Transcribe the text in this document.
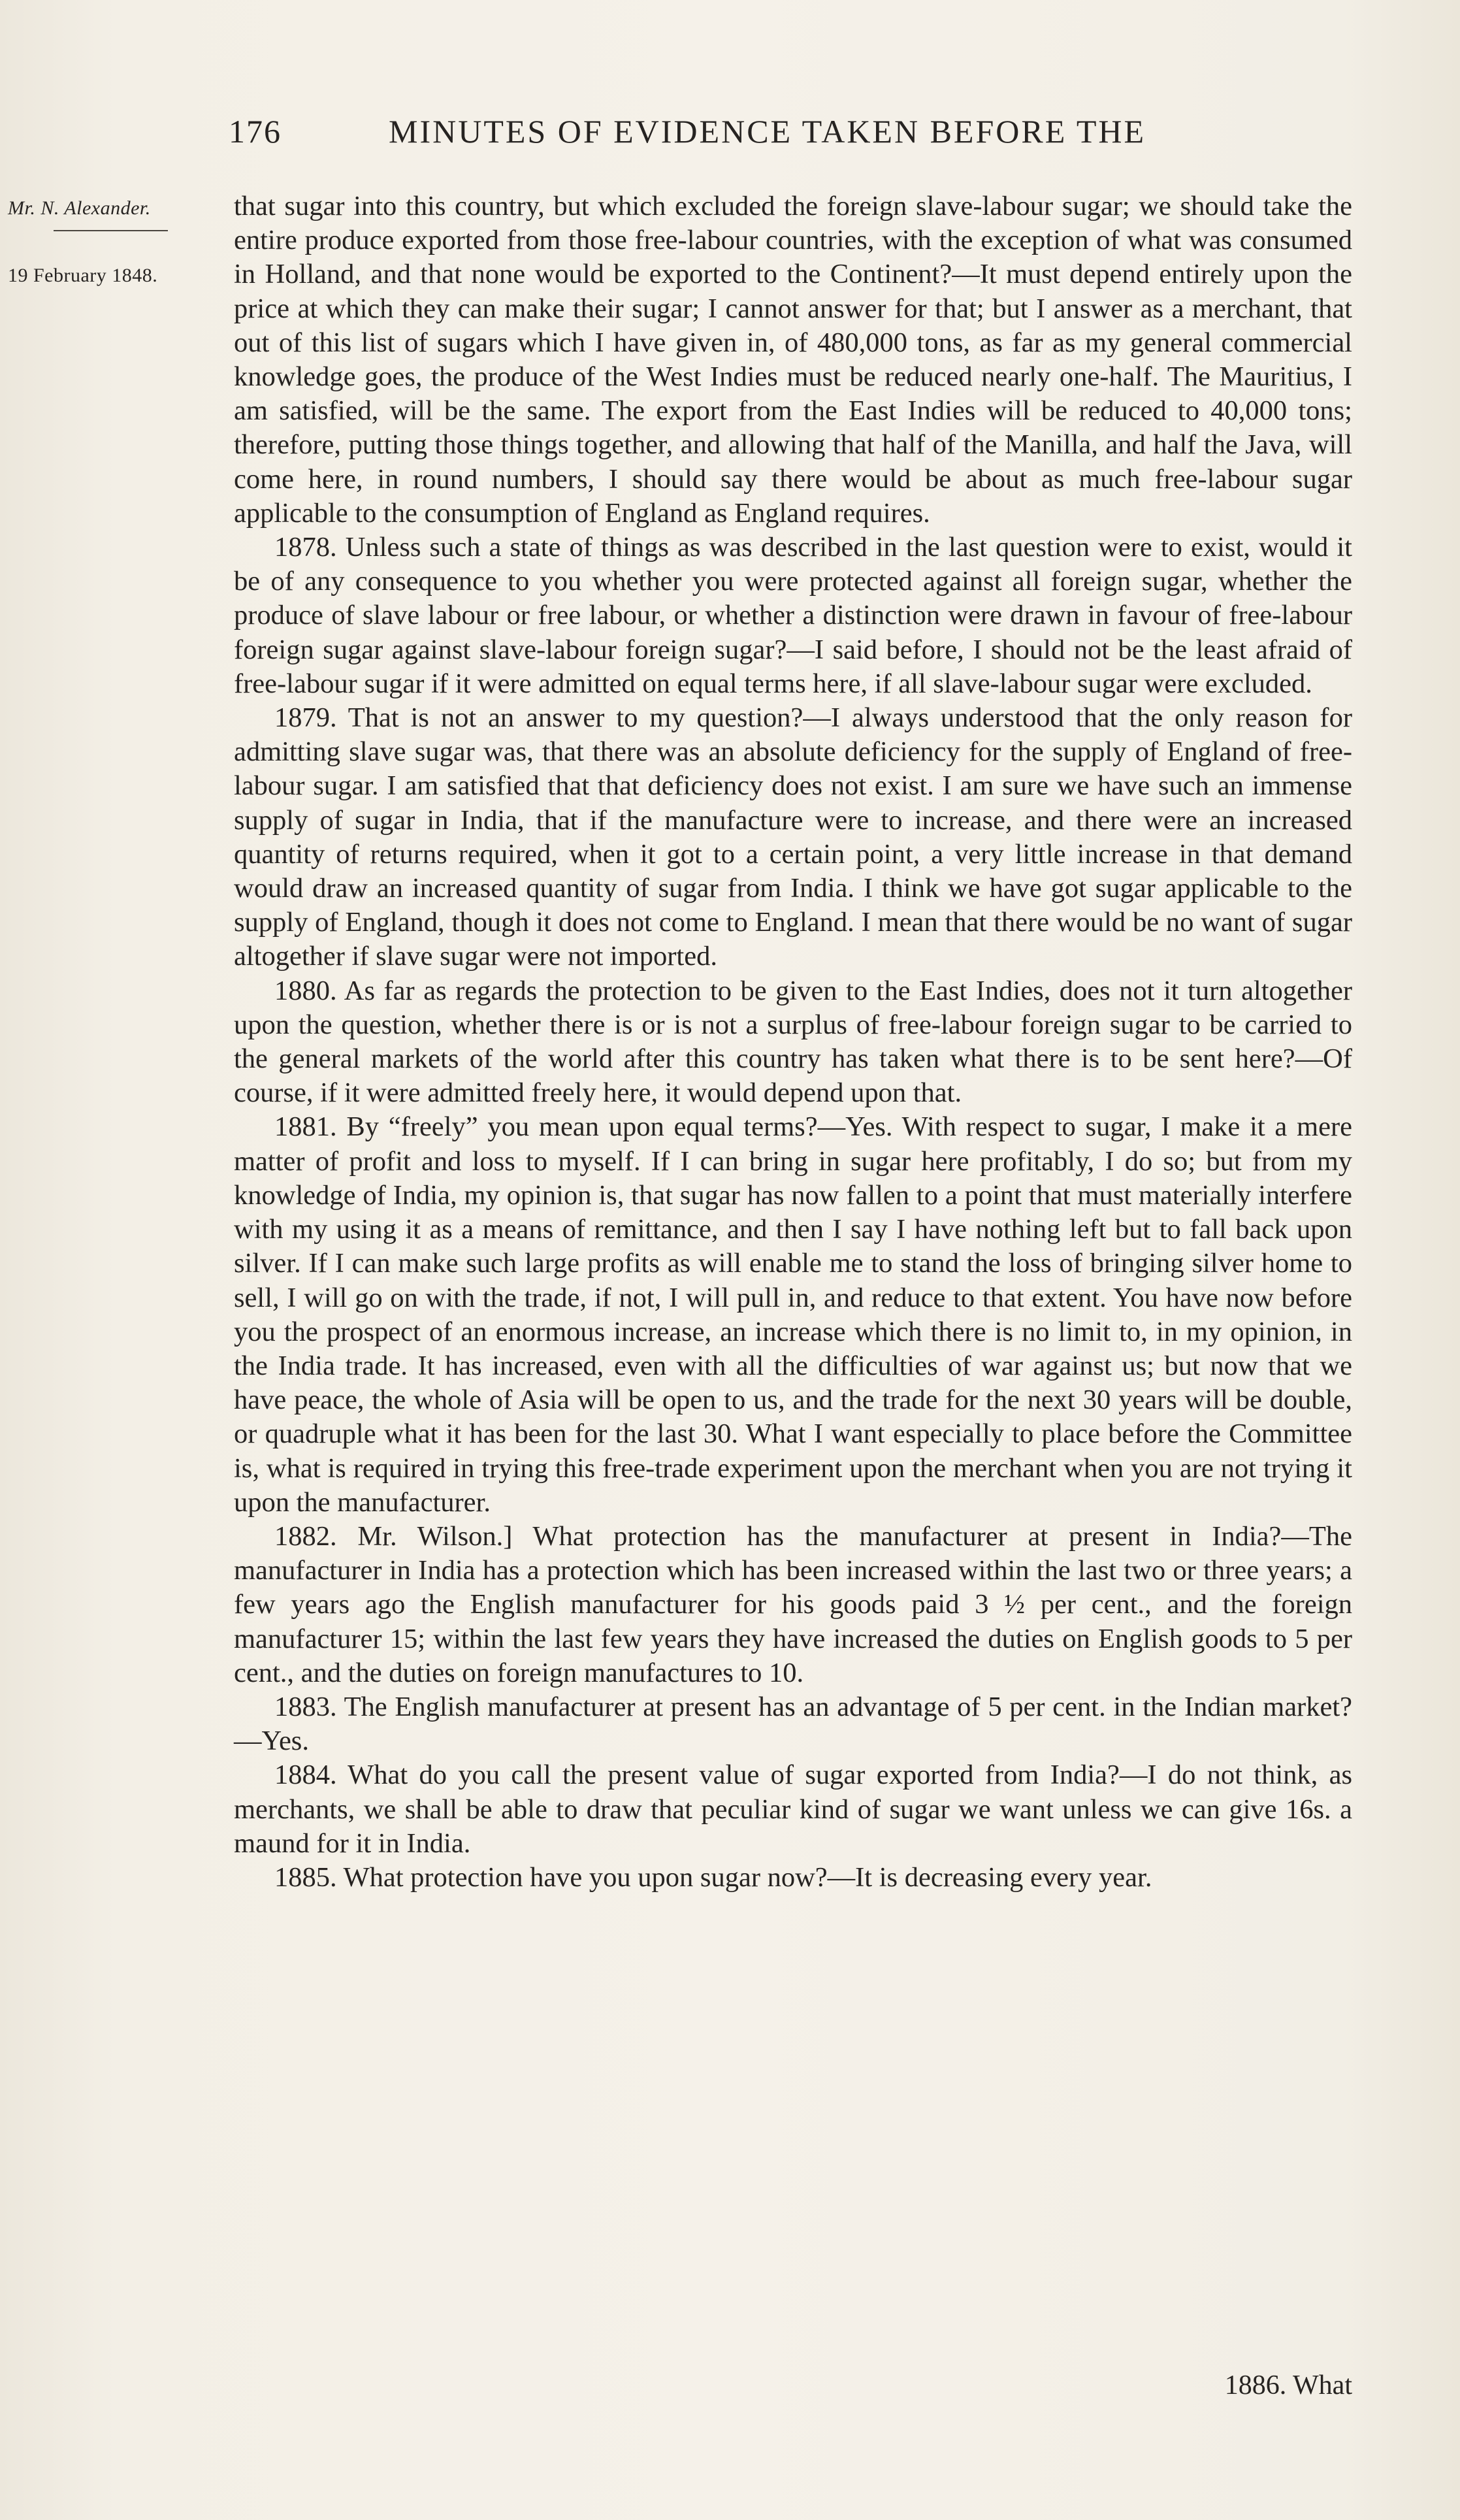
176	MINUTES OF EVIDENCE TAKEN BEFORE THE
Mr. N. Alexander.
19 February 1848.

that sugar into this country, but which excluded the foreign slave-labour sugar; we should take the entire produce exported from those free-labour countries, with the exception of what was consumed in Holland, and that none would be exported to the Continent?—It must depend entirely upon the price at which they can make their sugar; I cannot answer for that; but I answer as a merchant, that out of this list of sugars which I have given in, of 480,000 tons, as far as my general commercial knowledge goes, the produce of the West Indies must be reduced nearly one-half. The Mauritius, I am satisfied, will be the same. The export from the East Indies will be reduced to 40,000 tons; therefore, putting those things together, and allowing that half of the Manilla, and half the Java, will come here, in round numbers, I should say there would be about as much free-labour sugar applicable to the consumption of England as England requires.

1878. Unless such a state of things as was described in the last question were to exist, would it be of any consequence to you whether you were protected against all foreign sugar, whether the produce of slave labour or free labour, or whether a distinction were drawn in favour of free-labour foreign sugar against slave-labour foreign sugar?—I said before, I should not be the least afraid of free-labour sugar if it were admitted on equal terms here, if all slave-labour sugar were excluded.

1879. That is not an answer to my question?—I always understood that the only reason for admitting slave sugar was, that there was an absolute deficiency for the supply of England of free-labour sugar. I am satisfied that that deficiency does not exist. I am sure we have such an immense supply of sugar in India, that if the manufacture were to increase, and there were an increased quantity of returns required, when it got to a certain point, a very little increase in that demand would draw an increased quantity of sugar from India. I think we have got sugar applicable to the supply of England, though it does not come to England. I mean that there would be no want of sugar altogether if slave sugar were not imported.

1880. As far as regards the protection to be given to the East Indies, does not it turn altogether upon the question, whether there is or is not a surplus of free-labour foreign sugar to be carried to the general markets of the world after this country has taken what there is to be sent here?—Of course, if it were admitted freely here, it would depend upon that.

1881. By “freely” you mean upon equal terms?—Yes. With respect to sugar, I make it a mere matter of profit and loss to myself. If I can bring in sugar here profitably, I do so; but from my knowledge of India, my opinion is, that sugar has now fallen to a point that must materially interfere with my using it as a means of remittance, and then I say I have nothing left but to fall back upon silver. If I can make such large profits as will enable me to stand the loss of bringing silver home to sell, I will go on with the trade, if not, I will pull in, and reduce to that extent. You have now before you the prospect of an enormous increase, an increase which there is no limit to, in my opinion, in the India trade. It has increased, even with all the difficulties of war against us; but now that we have peace, the whole of Asia will be open to us, and the trade for the next 30 years will be double, or quadruple what it has been for the last 30. What I want especially to place before the Committee is, what is required in trying this free-trade experiment upon the merchant when you are not trying it upon the manufacturer.

1882. Mr. Wilson.] What protection has the manufacturer at present in India?—The manufacturer in India has a protection which has been increased within the last two or three years; a few years ago the English manufacturer for his goods paid 3 ½ per cent., and the foreign manufacturer 15; within the last few years they have increased the duties on English goods to 5 per cent., and the duties on foreign manufactures to 10.

1883. The English manufacturer at present has an advantage of 5 per cent. in the Indian market?—Yes.

1884. What do you call the present value of sugar exported from India?—I do not think, as merchants, we shall be able to draw that peculiar kind of sugar we want unless we can give 16s. a maund for it in India.

1885. What protection have you upon sugar now?—It is decreasing every year.

1886. What
